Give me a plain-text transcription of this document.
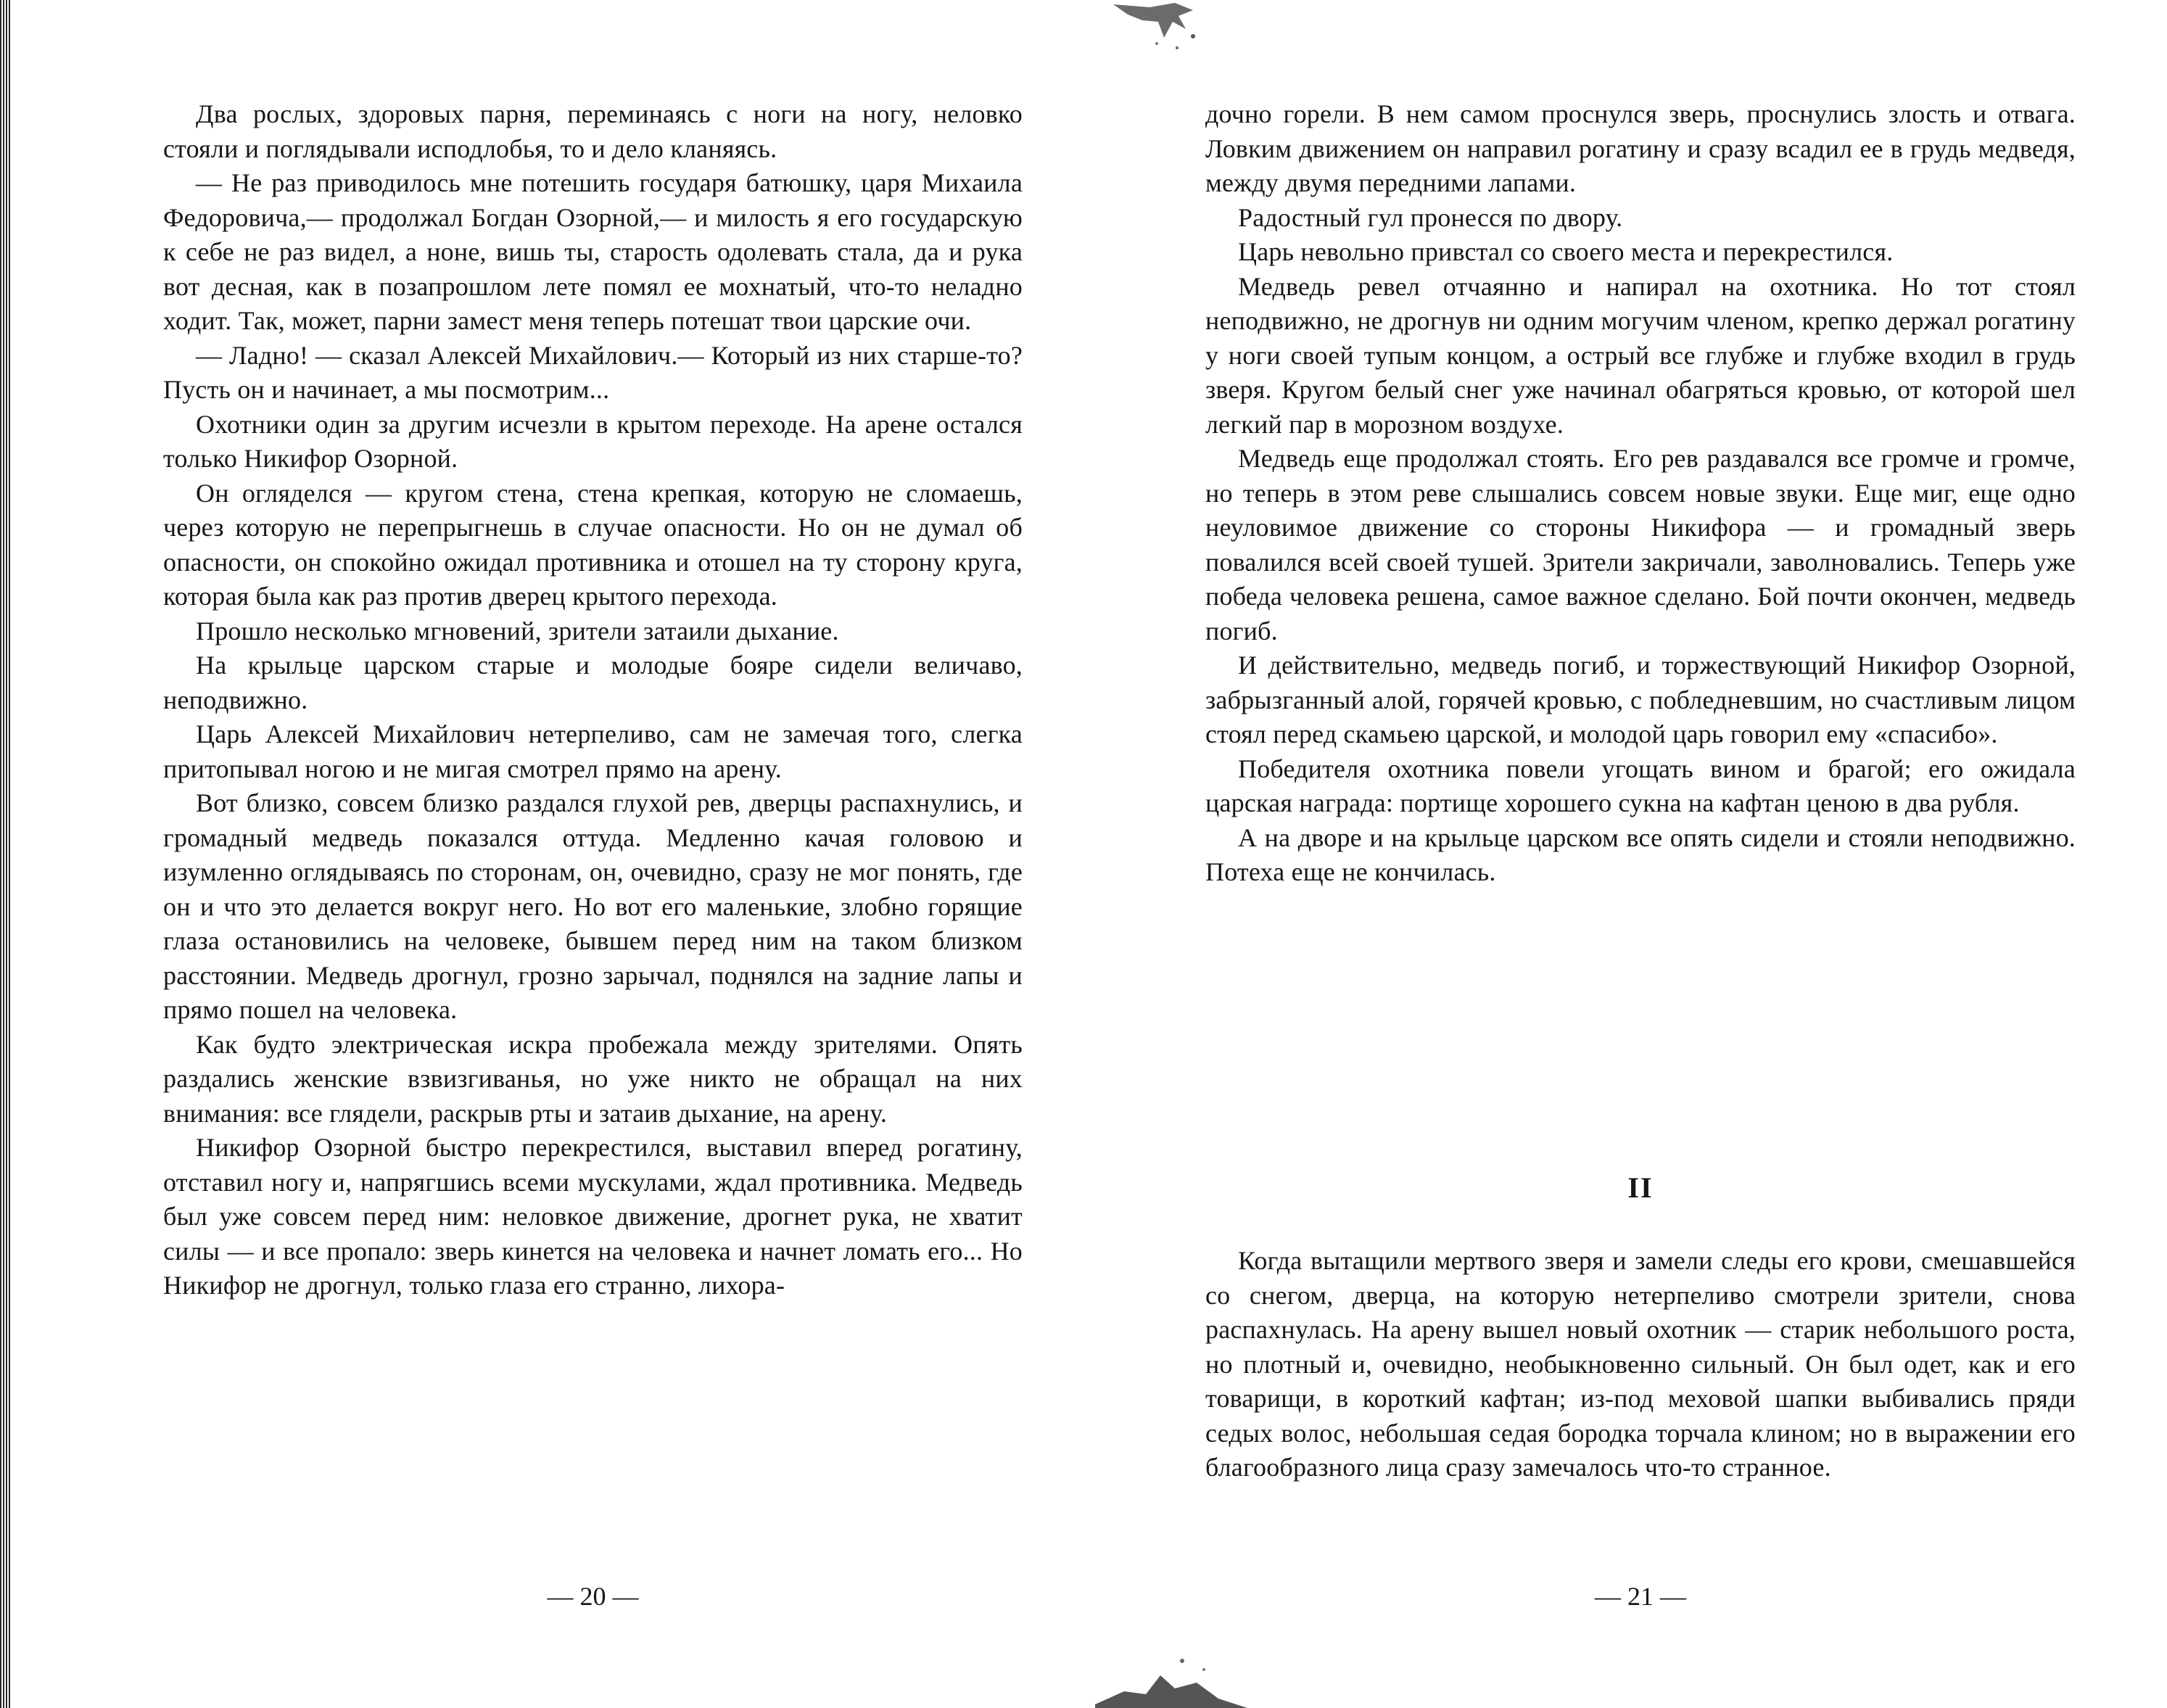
Два рослых, здоровых парня, переминаясь с ноги на ногу, неловко стояли и поглядывали исподлобья, то и дело кланяясь.

— Не раз приводилось мне потешить государя батюшку, царя Михаила Федоровича,— продолжал Богдан Озорной,— и милость я его государскую к себе не раз видел, а ноне, вишь ты, старость одолевать стала, да и рука вот десная, как в позапрошлом лете помял ее мохнатый, что-то неладно ходит. Так, может, парни замест меня теперь потешат твои царские очи.

— Ладно! — сказал Алексей Михайлович.— Который из них старше-то? Пусть он и начинает, а мы посмотрим...

Охотники один за другим исчезли в крытом переходе. На арене остался только Никифор Озорной.

Он огляделся — кругом стена, стена крепкая, которую не сломаешь, через которую не перепрыгнешь в случае опасности. Но он не думал об опасности, он спокойно ожидал противника и отошел на ту сторону круга, которая была как раз против дверец крытого перехода.

Прошло несколько мгновений, зрители затаили дыхание.

На крыльце царском старые и молодые бояре сидели величаво, неподвижно.

Царь Алексей Михайлович нетерпеливо, сам не замечая того, слегка притопывал ногою и не мигая смотрел прямо на арену.

Вот близко, совсем близко раздался глухой рев, дверцы распахнулись, и громадный медведь показался оттуда. Медленно качая головою и изумленно оглядываясь по сторонам, он, очевидно, сразу не мог понять, где он и что это делается вокруг него. Но вот его маленькие, злобно горящие глаза остановились на человеке, бывшем перед ним на таком близком расстоянии. Медведь дрогнул, грозно зарычал, поднялся на задние лапы и прямо пошел на человека.

Как будто электрическая искра пробежала между зрителями. Опять раздались женские взвизгиванья, но уже никто не обращал на них внимания: все глядели, раскрыв рты и затаив дыхание, на арену.

Никифор Озорной быстро перекрестился, выставил вперед рогатину, отставил ногу и, напрягшись всеми мускулами, ждал противника. Медведь был уже совсем перед ним: неловкое движение, дрогнет рука, не хватит силы — и все пропало: зверь кинется на человека и начнет ломать его... Но Никифор не дрогнул, только глаза его странно, лихора-

— 20 —

дочно горели. В нем самом проснулся зверь, проснулись злость и отвага. Ловким движением он направил рогатину и сразу всадил ее в грудь медведя, между двумя передними лапами.

Радостный гул пронесся по двору.

Царь невольно привстал со своего места и перекрестился.

Медведь ревел отчаянно и напирал на охотника. Но тот стоял неподвижно, не дрогнув ни одним могучим членом, крепко держал рогатину у ноги своей тупым концом, а острый все глубже и глубже входил в грудь зверя. Кругом белый снег уже начинал обагряться кровью, от которой шел легкий пар в морозном воздухе.

Медведь еще продолжал стоять. Его рев раздавался все громче и громче, но теперь в этом реве слышались совсем новые звуки. Еще миг, еще одно неуловимое движение со стороны Никифора — и громадный зверь повалился всей своей тушей. Зрители закричали, заволновались. Теперь уже победа человека решена, самое важное сделано. Бой почти окончен, медведь погиб.

И действительно, медведь погиб, и торжествующий Никифор Озорной, забрызганный алой, горячей кровью, с побледневшим, но счастливым лицом стоял перед скамьею царской, и молодой царь говорил ему «спасибо».

Победителя охотника повели угощать вином и брагой; его ожидала царская награда: портище хорошего сукна на кафтан ценою в два рубля.

А на дворе и на крыльце царском все опять сидели и стояли неподвижно. Потеха еще не кончилась.

II

Когда вытащили мертвого зверя и замели следы его крови, смешавшейся со снегом, дверца, на которую нетерпеливо смотрели зрители, снова распахнулась. На арену вышел новый охотник — старик небольшого роста, но плотный и, очевидно, необыкновенно сильный. Он был одет, как и его товарищи, в короткий кафтан; из-под меховой шапки выбивались пряди седых волос, небольшая седая бородка торчала клином; но в выражении его благообразного лица сразу замечалось что-то странное.

— 21 —
